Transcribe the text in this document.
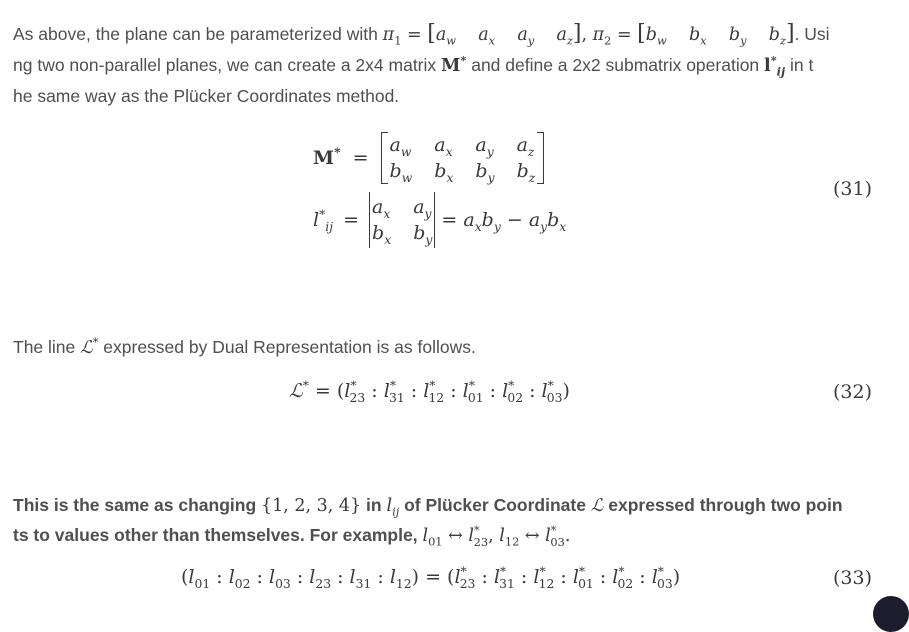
As above, the plane can be parameterized with $\pi_1 = [a_w$    $a_x$    $a_y$    $a_z$], $\pi_2 = [b_w$    $b_x$    $b_y$    $b_z$]. Usi
ng two non-parallel planes, we can create a 2x4 matrix M* and define a 2x2 submatrix operation $l^*_{ij}$ in t
he same way as the Plücker Coordinates method.
M* =
$a_w$ $a_x$ $a_y$ $a_z$
$b_w$ $b_x$ $b_y$ $b_z$
$l^*_{ij}$ =
$a_x$ $a_y$
$b_x$ $b_y$
= $a_xb_y - a_yb_x$
(31)
The line ℒ* expressed by Dual Representation is as follows.
ℒ* = ($l^*_{23}$ : $l^*_{31}$ : $l^*_{12}$ : $l^*_{01}$ : $l^*_{02}$ : $l^*_{03}$)	(32)
This is the same as changing {1, 2, 3, 4} in $l_{ij}$ of Plücker Coordinate ℒ expressed through two poin
ts to values other than themselves. For example, $l_{01}$ ↔ $l^*_{23}$, $l_{12}$ ↔ $l^*_{03}$.
($l_{01}$ : $l_{02}$ : $l_{03}$ : $l_{23}$ : $l_{31}$ : $l_{12}) = (l^*_{23}$ : $l^*_{31}$ : $l^*_{12}$ : $l^*_{01}$ : $l^*_{02}$ : $l^*_{03}$)	(33)
